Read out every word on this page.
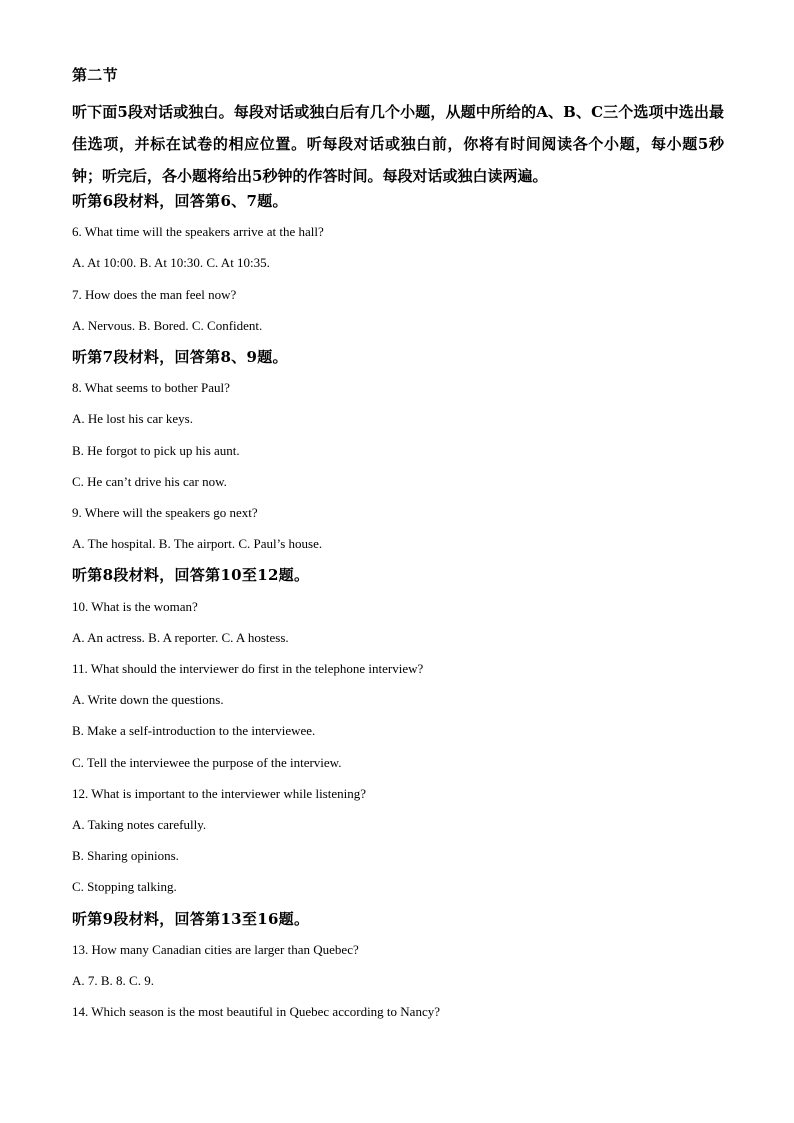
第二节
听下面5段对话或独白。每段对话或独白后有几个小题，从题中所给的A、B、C三个选项中选出最佳选项，并标在试卷的相应位置。听每段对话或独白前，你将有时间阅读各个小题，每小题5秒钟；听完后，各小题将给出5秒钟的作答时间。每段对话或独白读两遍。
听第6段材料，回答第6、7题。
6. What time will the speakers arrive at the hall?
A. At 10:00. B. At 10:30. C. At 10:35.
7. How does the man feel now?
A. Nervous. B. Bored. C. Confident.
听第7段材料，回答第8、9题。
8. What seems to bother Paul?
A. He lost his car keys.
B. He forgot to pick up his aunt.
C. He can’t drive his car now.
9. Where will the speakers go next?
A. The hospital. B. The airport. C. Paul’s house.
听第8段材料，回答第10至12题。
10. What is the woman?
A. An actress. B. A reporter. C. A hostess.
11. What should the interviewer do first in the telephone interview?
A. Write down the questions.
B. Make a self-introduction to the interviewee.
C. Tell the interviewee the purpose of the interview.
12. What is important to the interviewer while listening?
A. Taking notes carefully.
B. Sharing opinions.
C. Stopping talking.
听第9段材料，回答第13至16题。
13. How many Canadian cities are larger than Quebec?
A. 7. B. 8. C. 9.
14. Which season is the most beautiful in Quebec according to Nancy?
